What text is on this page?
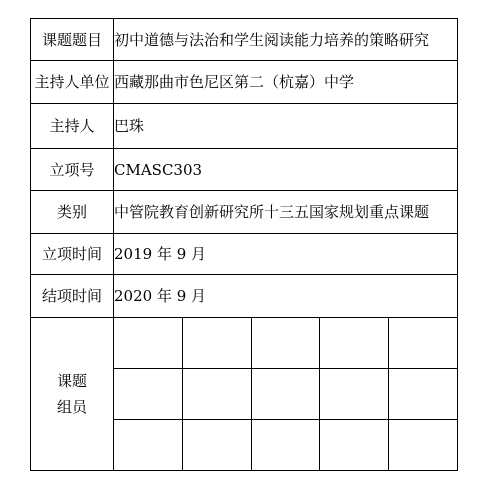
课题题目	初中道德与法治和学生阅读能力培养的策略研究
主持人单位	西藏那曲市色尼区第二（杭嘉）中学
主持人	巴珠
立项号	CMASC303
类别	中管院教育创新研究所十三五国家规划重点课题
立项时间	2019 年 9 月
结项时间	2020 年 9 月

课题
组员
